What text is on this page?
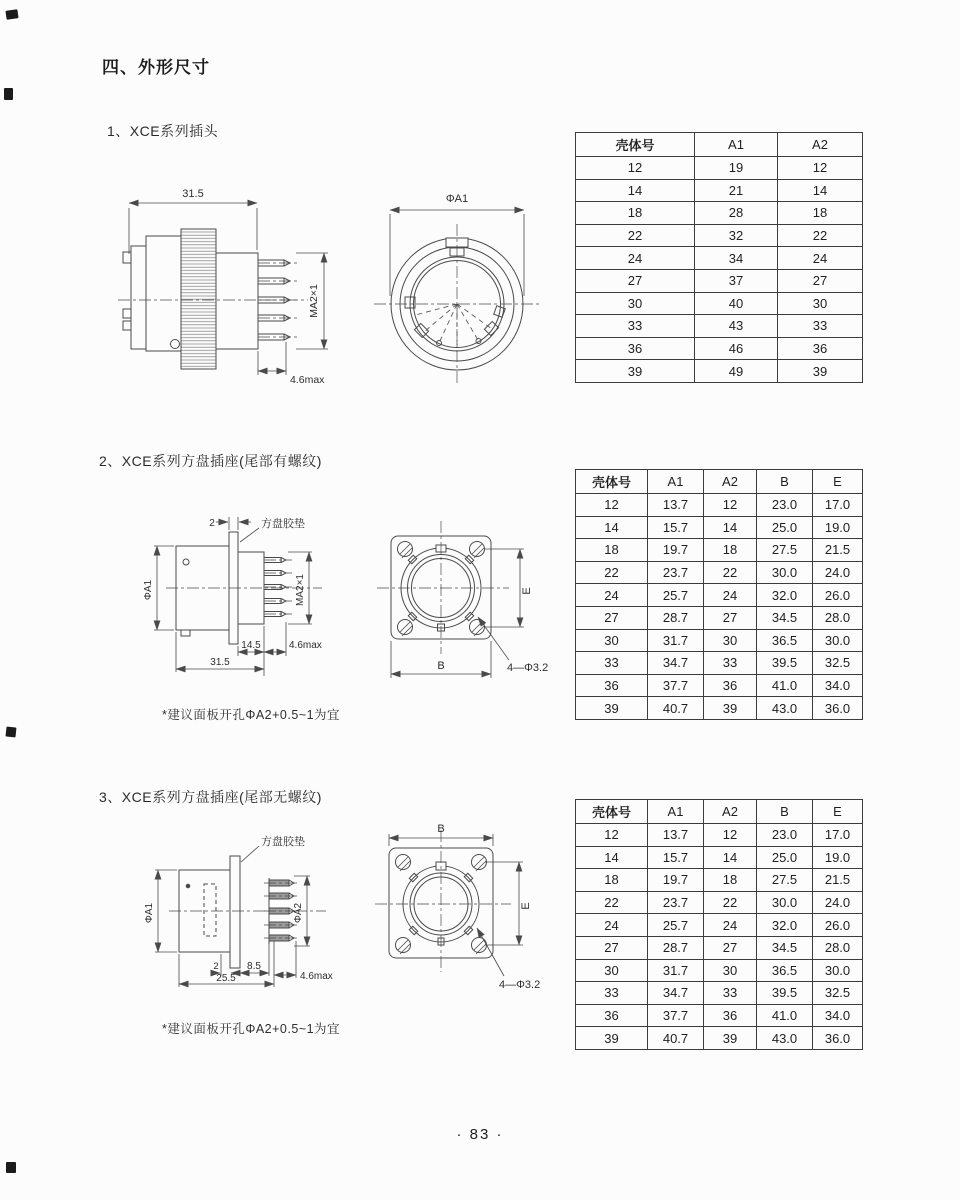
四、外形尺寸
1、XCE系列插头
31.5
MA2×1
4.6max
ΦA1
壳体号	A1	A2
12	19	12
14	21	14
18	28	18
22	32	22
24	34	24
27	37	27
30	40	30
33	43	33
36	46	36
39	49	39
2、XCE系列方盘插座(尾部有螺纹)
2	方盘胶垫
ΦA1	MA2×1
14.5	4.6max
31.5
E
B	4—Φ3.2
壳体号	A1	A2	B	E
12	13.7	12	23.0	17.0
14	15.7	14	25.0	19.0
18	19.7	18	27.5	21.5
22	23.7	22	30.0	24.0
24	25.7	24	32.0	26.0
27	28.7	27	34.5	28.0
30	31.7	30	36.5	30.0
33	34.7	33	39.5	32.5
36	37.7	36	41.0	34.0
39	40.7	39	43.0	36.0
*建议面板开孔ΦA2+0.5~1为宜
3、XCE系列方盘插座(尾部无螺纹)
方盘胶垫
ΦA1	ΦA2
2	8.5
25.5	4.6max
B
E
4—Φ3.2
壳体号	A1	A2	B	E
12	13.7	12	23.0	17.0
14	15.7	14	25.0	19.0
18	19.7	18	27.5	21.5
22	23.7	22	30.0	24.0
24	25.7	24	32.0	26.0
27	28.7	27	34.5	28.0
30	31.7	30	36.5	30.0
33	34.7	33	39.5	32.5
36	37.7	36	41.0	34.0
39	40.7	39	43.0	36.0
*建议面板开孔ΦA2+0.5~1为宜
· 83 ·
